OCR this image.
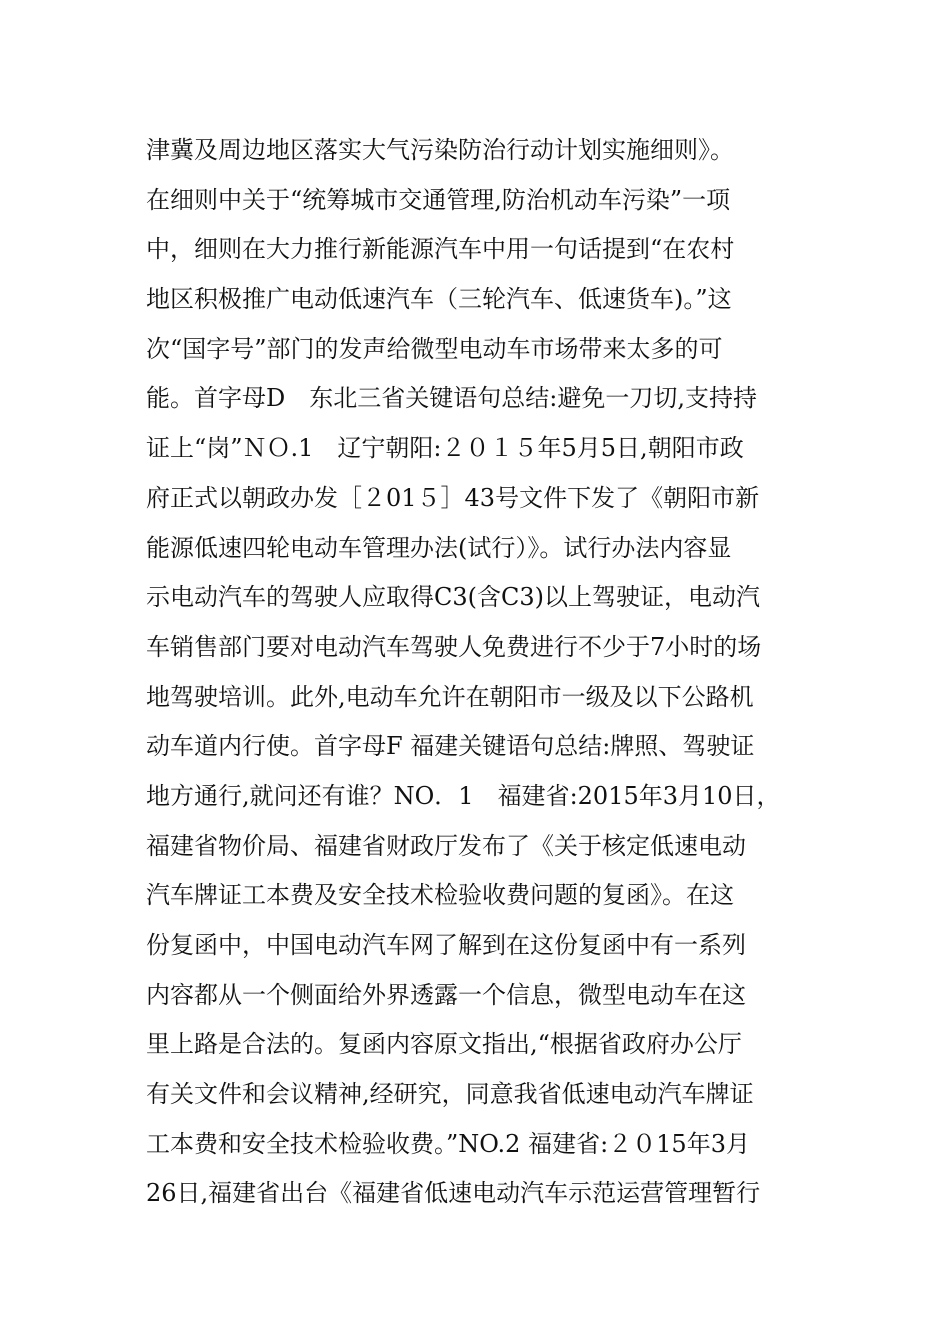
津冀及周边地区落实大气污染防治行动计划实施细则》。
在细则中关于“统筹城市交通管理,防治机动车污染”一项
中，细则在大力推行新能源汽车中用一句话提到“在农村
地区积极推广电动低速汽车（三轮汽车、低速货车)。”这
次“国字号”部门的发声给微型电动车市场带来太多的可
能。首字母D　东北三省关键语句总结:避免一刀切,支持持
证上“岗”ＮＯ.1　辽宁朝阳:２０１５年5月5日,朝阳市政
府正式以朝政办发［２01５］43号文件下发了《朝阳市新
能源低速四轮电动车管理办法(试行）》。试行办法内容显
示电动汽车的驾驶人应取得C3(含C3)以上驾驶证，电动汽
车销售部门要对电动汽车驾驶人免费进行不少于7小时的场
地驾驶培训。此外,电动车允许在朝阳市一级及以下公路机
动车道内行使。首字母F 福建关键语句总结:牌照、驾驶证
地方通行,就问还有谁？NO．1　福建省:2015年3月10日，
福建省物价局、福建省财政厅发布了《关于核定低速电动
汽车牌证工本费及安全技术检验收费问题的复函》。在这
份复函中，中国电动汽车网了解到在这份复函中有一系列
内容都从一个侧面给外界透露一个信息，微型电动车在这
里上路是合法的。复函内容原文指出,“根据省政府办公厅
有关文件和会议精神,经研究，同意我省低速电动汽车牌证
工本费和安全技术检验收费。”NO.2 福建省:２０15年3月
26日,福建省出台《福建省低速电动汽车示范运营管理暂行
